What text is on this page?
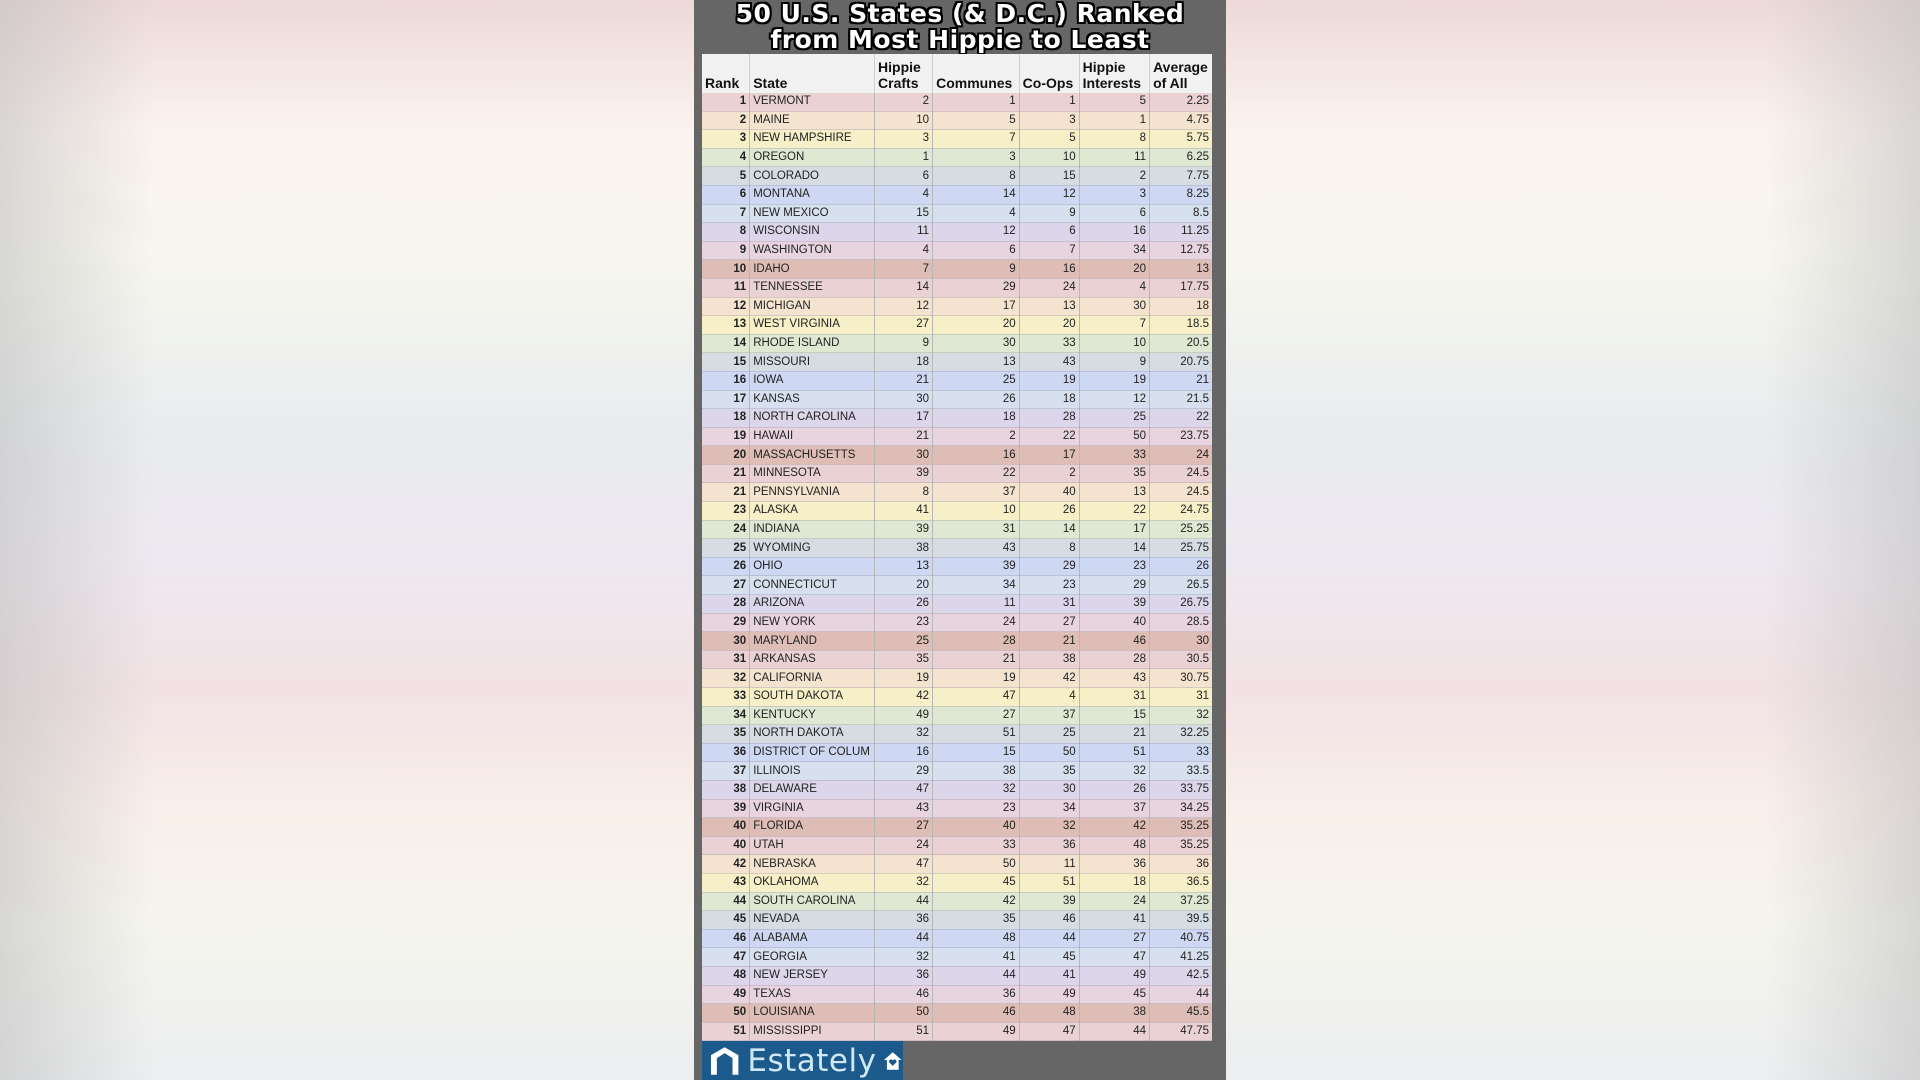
50 U.S. States (& D.C.) Ranked
from Most Hippie to Least
Rank	State	Hippie Crafts	Communes	Co-Ops	Hippie Interests	Average of All
1	VERMONT	2	1	1	5	2.25
2	MAINE	10	5	3	1	4.75
3	NEW HAMPSHIRE	3	7	5	8	5.75
4	OREGON	1	3	10	11	6.25
5	COLORADO	6	8	15	2	7.75
6	MONTANA	4	14	12	3	8.25
7	NEW MEXICO	15	4	9	6	8.5
8	WISCONSIN	11	12	6	16	11.25
9	WASHINGTON	4	6	7	34	12.75
10	IDAHO	7	9	16	20	13
11	TENNESSEE	14	29	24	4	17.75
12	MICHIGAN	12	17	13	30	18
13	WEST VIRGINIA	27	20	20	7	18.5
14	RHODE ISLAND	9	30	33	10	20.5
15	MISSOURI	18	13	43	9	20.75
16	IOWA	21	25	19	19	21
17	KANSAS	30	26	18	12	21.5
18	NORTH CAROLINA	17	18	28	25	22
19	HAWAII	21	2	22	50	23.75
20	MASSACHUSETTS	30	16	17	33	24
21	MINNESOTA	39	22	2	35	24.5
21	PENNSYLVANIA	8	37	40	13	24.5
23	ALASKA	41	10	26	22	24.75
24	INDIANA	39	31	14	17	25.25
25	WYOMING	38	43	8	14	25.75
26	OHIO	13	39	29	23	26
27	CONNECTICUT	20	34	23	29	26.5
28	ARIZONA	26	11	31	39	26.75
29	NEW YORK	23	24	27	40	28.5
30	MARYLAND	25	28	21	46	30
31	ARKANSAS	35	21	38	28	30.5
32	CALIFORNIA	19	19	42	43	30.75
33	SOUTH DAKOTA	42	47	4	31	31
34	KENTUCKY	49	27	37	15	32
35	NORTH DAKOTA	32	51	25	21	32.25
36	DISTRICT OF COLUM	16	15	50	51	33
37	ILLINOIS	29	38	35	32	33.5
38	DELAWARE	47	32	30	26	33.75
39	VIRGINIA	43	23	34	37	34.25
40	FLORIDA	27	40	32	42	35.25
40	UTAH	24	33	36	48	35.25
42	NEBRASKA	47	50	11	36	36
43	OKLAHOMA	32	45	51	18	36.5
44	SOUTH CAROLINA	44	42	39	24	37.25
45	NEVADA	36	35	46	41	39.5
46	ALABAMA	44	48	44	27	40.75
47	GEORGIA	32	41	45	47	41.25
48	NEW JERSEY	36	44	41	49	42.5
49	TEXAS	46	36	49	45	44
50	LOUISIANA	50	46	48	38	45.5
51	MISSISSIPPI	51	49	47	44	47.75
Estately
